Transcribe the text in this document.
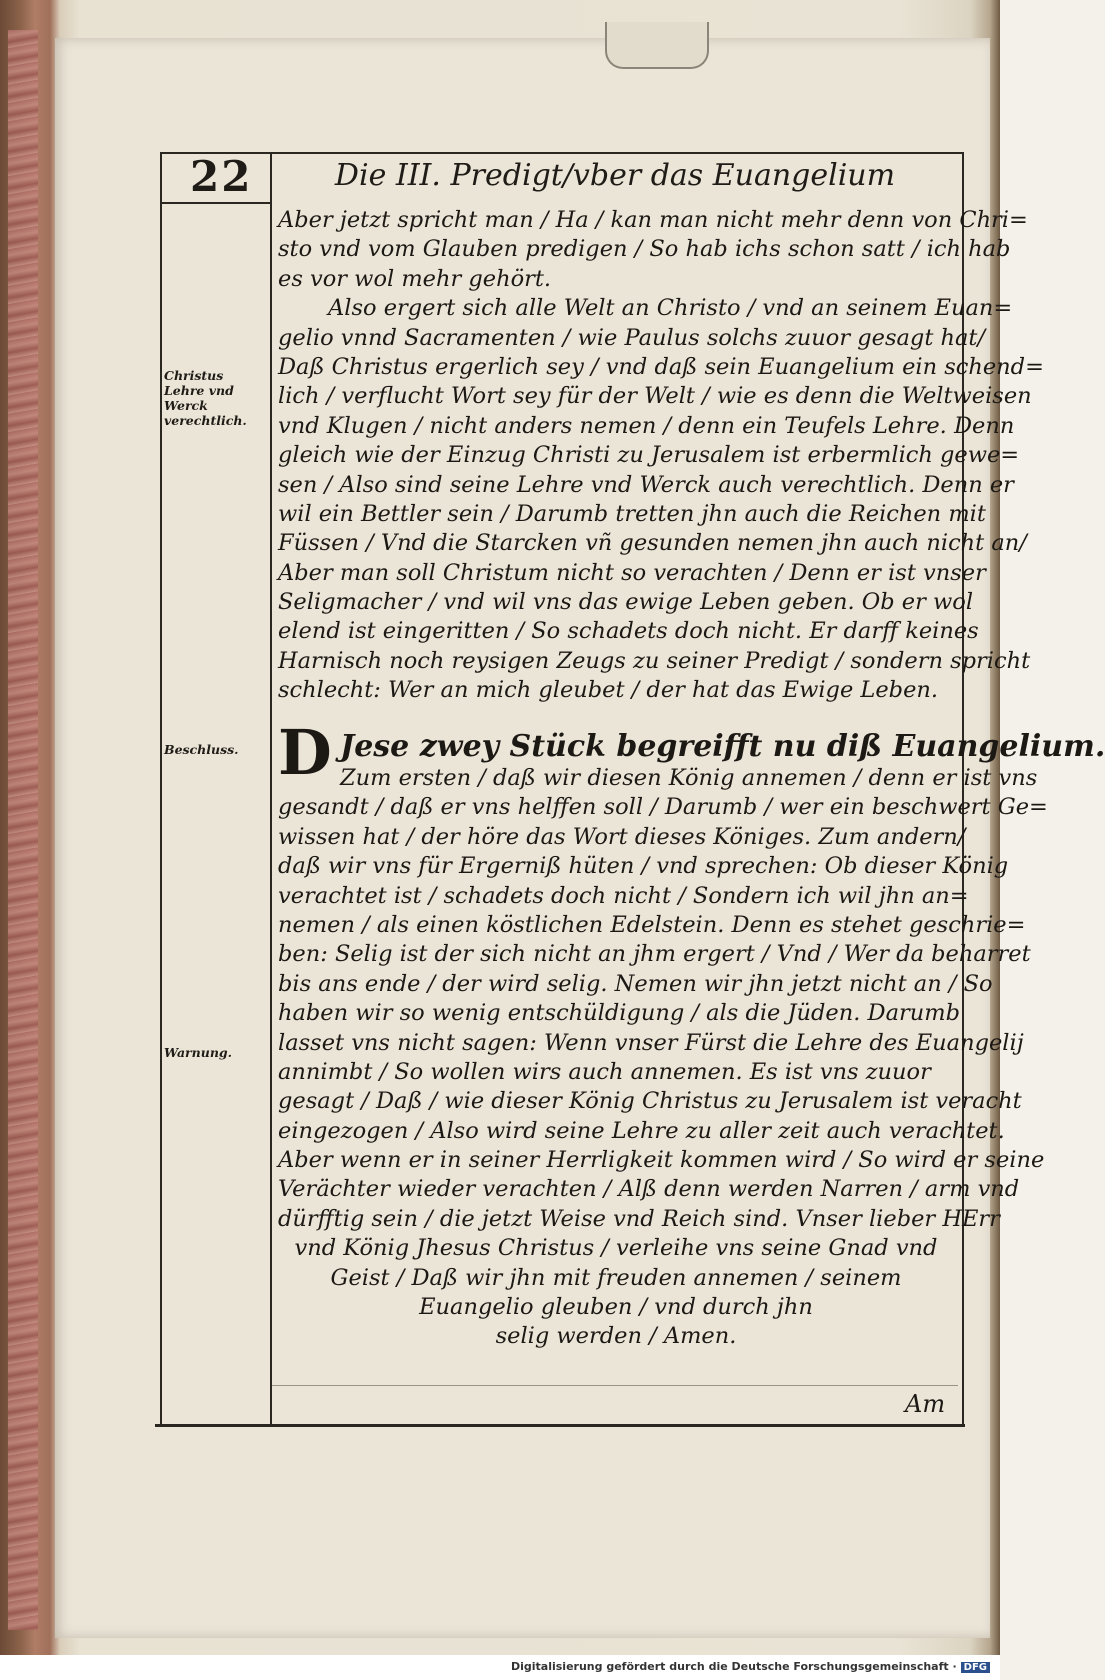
22	Die III. Predigt/vber das Euangelium
Christus Lehre vnd Werck verechtlich.
Beschluss.
Warnung.
Aber jetzt spricht man / Ha / kan man nicht mehr denn von Chri=
sto vnd vom Glauben predigen / So hab ichs schon satt / ich hab
es vor wol mehr gehört.
Also ergert sich alle Welt an Christo / vnd an seinem Euan=
gelio vnnd Sacramenten / wie Paulus solchs zuuor gesagt hat/
Daß Christus ergerlich sey / vnd daß sein Euangelium ein schend=
lich / verflucht Wort sey für der Welt / wie es denn die Weltweisen
vnd Klugen / nicht anders nemen / denn ein Teufels Lehre. Denn
gleich wie der Einzug Christi zu Jerusalem ist erbermlich gewe=
sen / Also sind seine Lehre vnd Werck auch verechtlich. Denn er
wil ein Bettler sein / Darumb tretten jhn auch die Reichen mit
Füssen / Vnd die Starcken vñ gesunden nemen jhn auch nicht an/
Aber man soll Christum nicht so verachten / Denn er ist vnser
Seligmacher / vnd wil vns das ewige Leben geben. Ob er wol
elend ist eingeritten / So schadets doch nicht. Er darff keines
Harnisch noch reysigen Zeugs zu seiner Predigt / sondern spricht
schlecht: Wer an mich gleubet / der hat das Ewige Leben.
D Jese zwey Stück begreifft nu diß Euangelium.
Zum ersten / daß wir diesen König annemen / denn er ist vns
gesandt / daß er vns helffen soll / Darumb / wer ein beschwert Ge=
wissen hat / der höre das Wort dieses Königes. Zum andern/
daß wir vns für Ergerniß hüten / vnd sprechen: Ob dieser König
verachtet ist / schadets doch nicht / Sondern ich wil jhn an=
nemen / als einen köstlichen Edelstein. Denn es stehet geschrie=
ben: Selig ist der sich nicht an jhm ergert / Vnd / Wer da beharret
bis ans ende / der wird selig. Nemen wir jhn jetzt nicht an / So
haben wir so wenig entschüldigung / als die Jüden. Darumb
lasset vns nicht sagen: Wenn vnser Fürst die Lehre des Euangelij
annimbt / So wollen wirs auch annemen. Es ist vns zuuor
gesagt / Daß / wie dieser König Christus zu Jerusalem ist veracht
eingezogen / Also wird seine Lehre zu aller zeit auch verachtet.
Aber wenn er in seiner Herrligkeit kommen wird / So wird er seine
Verächter wieder verachten / Alß denn werden Narren / arm vnd
dürfftig sein / die jetzt Weise vnd Reich sind. Vnser lieber HErr
vnd König Jhesus Christus / verleihe vns seine Gnad vnd
Geist / Daß wir jhn mit freuden annemen / seinem
Euangelio gleuben / vnd durch jhn
selig werden / Amen.
Am
Digitalisierung gefördert durch die Deutsche Forschungsgemeinschaft · DFG
